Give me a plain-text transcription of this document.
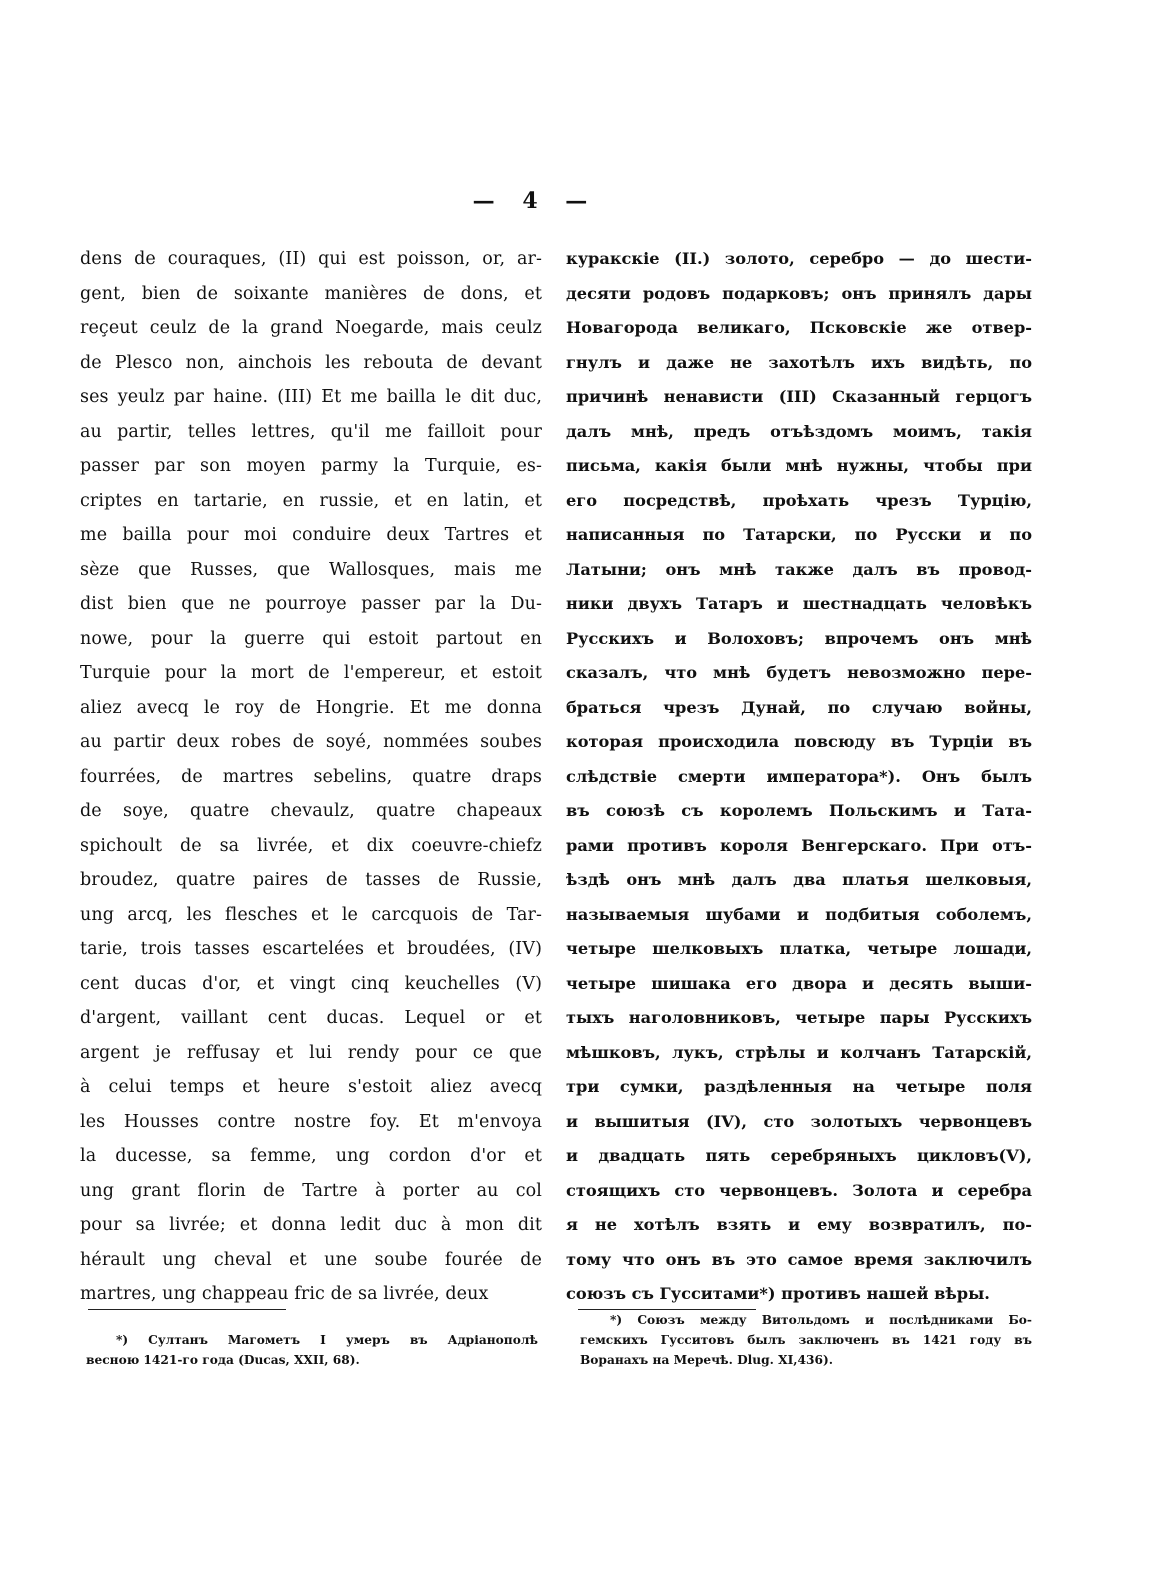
— 4 —
dens de couraques, (II) qui est poisson, or, ar-
gent, bien de soixante manières de dons, et
reçeut ceulz de la grand Noegarde, mais ceulz
de Plesco non, ainchois les rebouta de devant
ses yeulz par haine. (III) Et me bailla le dit duc,
au partir, telles lettres, qu'il me failloit pour
passer par son moyen parmy la Turquie, es-
criptes en tartarie, en russie, et en latin, et
me bailla pour moi conduire deux Tartres et
sèze que Russes, que Wallosques, mais me
dist bien que ne pourroye passer par la Du-
nowe, pour la guerre qui estoit partout en
Turquie pour la mort de l'empereur, et estoit
aliez avecq le roy de Hongrie. Et me donna
au partir deux robes de soyé, nommées soubes
fourrées, de martres sebelins, quatre draps
de soye, quatre chevaulz, quatre chapeaux
spichoult de sa livrée, et dix coeuvre-chiefz
broudez, quatre paires de tasses de Russie,
ung arcq, les flesches et le carcquois de Tar-
tarie, trois tasses escartelées et broudées, (IV)
cent ducas d'or, et vingt cinq keuchelles (V)
d'argent, vaillant cent ducas. Lequel or et
argent je reffusay et lui rendy pour ce que
à celui temps et heure s'estoit aliez avecq
les Housses contre nostre foy. Et m'envoya
la ducesse, sa femme, ung cordon d'or et
ung grant florin de Tartre à porter au col
pour sa livrée; et donna ledit duc à mon dit
hérault ung cheval et une soube fourée de
martres, ung chappeau fric de sa livrée, deux
куракскіе (II.) золото, серебро — до шести-
десяти родовъ подарковъ; онъ принялъ дары
Новагорода великаго, Псковскіе же отвер-
гнулъ и даже не захотѣлъ ихъ видѣть, по
причинѣ ненависти (III) Сказанный герцогъ
далъ мнѣ, предъ отъѣздомъ моимъ, такія
письма, какія были мнѣ нужны, чтобы при
его посредствѣ, проѣхать чрезъ Турцію,
написанныя по Татарски, по Русски и по
Латыни; онъ мнѣ также далъ въ провод-
ники двухъ Татаръ и шестнадцать человѣкъ
Русскихъ и Волоховъ; впрочемъ онъ мнѣ
сказалъ, что мнѣ будетъ невозможно пере-
браться чрезъ Дунай, по случаю войны,
которая происходила повсюду въ Турціи въ
слѣдствіе смерти императора*). Онъ былъ
въ союзѣ съ королемъ Польскимъ и Тата-
рами противъ короля Венгерскаго. При отъ-
ѣздѣ онъ мнѣ далъ два платья шелковыя,
называемыя шубами и подбитыя соболемъ,
четыре шелковыхъ платка, четыре лошади,
четыре шишака его двора и десять выши-
тыхъ наголовниковъ, четыре пары Русскихъ
мѣшковъ, лукъ, стрѣлы и колчанъ Татарскій,
три сумки, раздѣленныя на четыре поля
и вышитыя (IV), сто золотыхъ червонцевъ
и двадцать пять серебряныхъ цикловъ(V),
стоящихъ сто червонцевъ. Золота и серебра
я не хотѣлъ взять и ему возвратилъ, по-
тому что онъ въ это самое время заключилъ
союзъ съ Гусситами*) противъ нашей вѣры.
*) Султанъ Магометъ I умеръ въ Адріанополѣ
весною 1421-го года (Ducas, XXII, 68).
*) Союзъ между Витольдомъ и послѣдниками Бо-
гемскихъ Гусситовъ былъ заключенъ въ 1421 году въ
Воранахъ на Меречѣ. Dlug. XI,436).
